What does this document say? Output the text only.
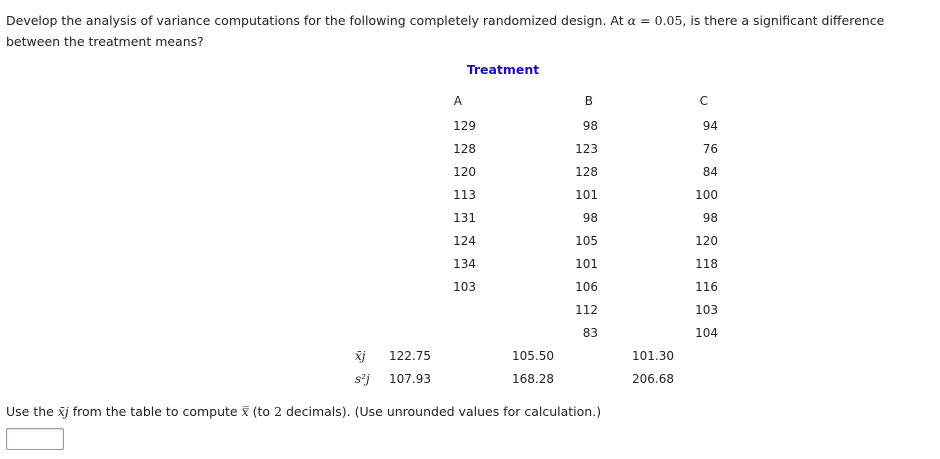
Develop the analysis of variance computations for the following completely randomized design. At α = 0.05, is there a significant difference between the treatment means?
Treatment
	A	B	C
	129	98	94
	128	123	76
	120	128	84
	113	101	100
	131	98	98
	124	105	120
	134	101	118
	103	106	116
		112	103
		83	104
x̄j	122.75	105.50	101.30
s²j	107.93	168.28	206.68
Use the x̄j from the table to compute x̿ (to 2 decimals). (Use unrounded values for calculation.)
